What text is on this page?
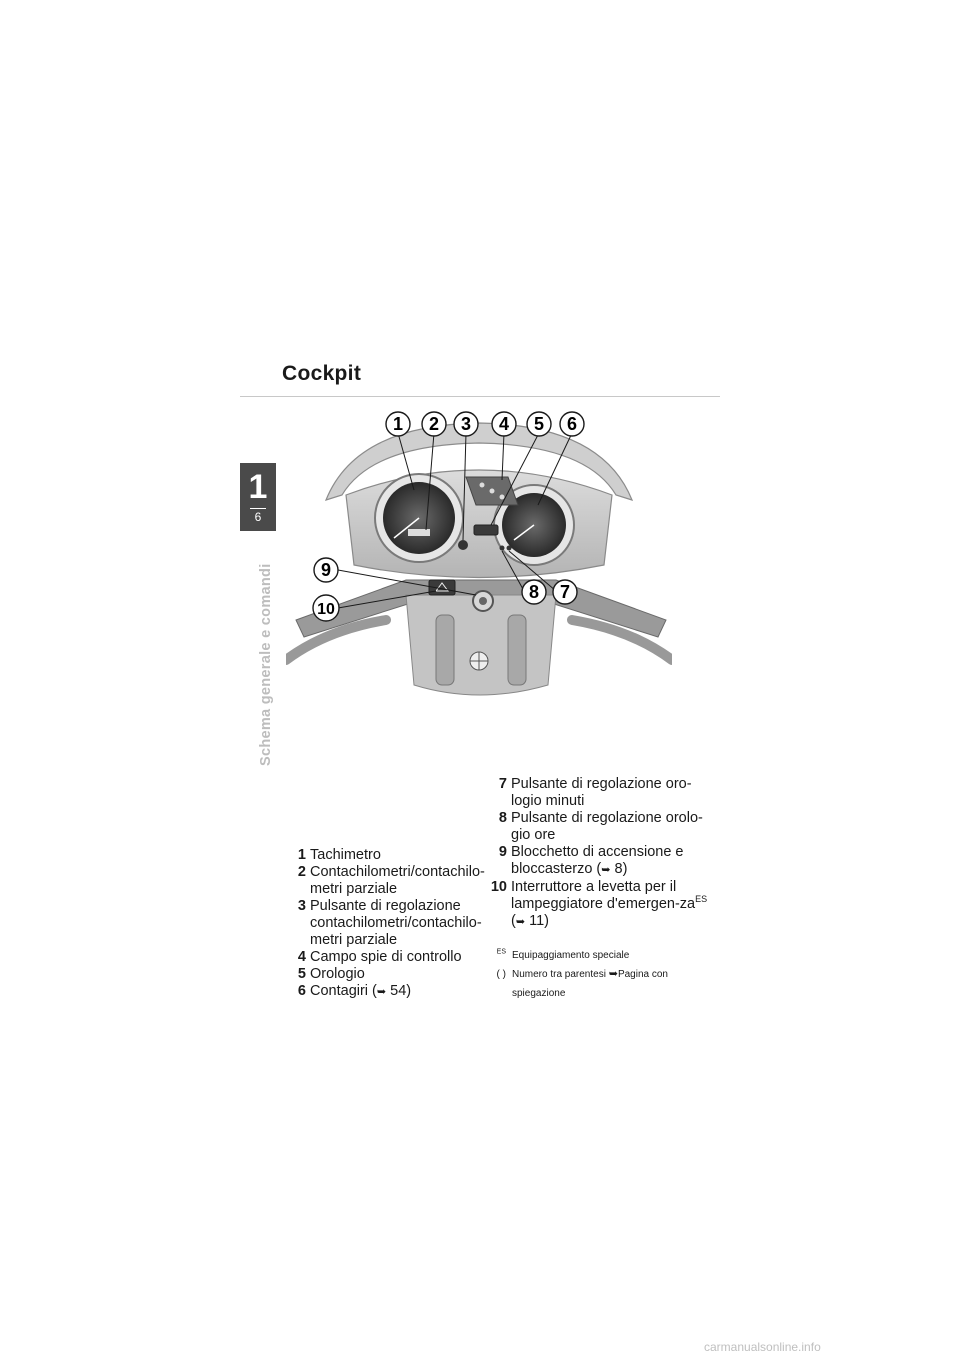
Cockpit
1
6
Schema generale e comandi
1 2 3 4 5 6
7
8
9
10

1 Tachimetro

2 Contachilometri/contachilo-metri parziale

3 Pulsante di regolazione contachilometri/contachilo-metri parziale

4 Campo spie di controllo

5 Orologio

6 Contagiri (➥ 54)

7 Pulsante di regolazione oro-logio minuti

8 Pulsante di regolazione orolo-gio ore

9 Blocchetto di accensione e bloccasterzo (➥ 8)

10 Interruttore a levetta per il lampeggiatore $d'emergen-za^{ES}$ (➥ 11)

$^{ES}$ Equipaggiamento speciale
( ) Numero tra parentesi ➥Pagina con spiegazione
carmanualsonline.info
